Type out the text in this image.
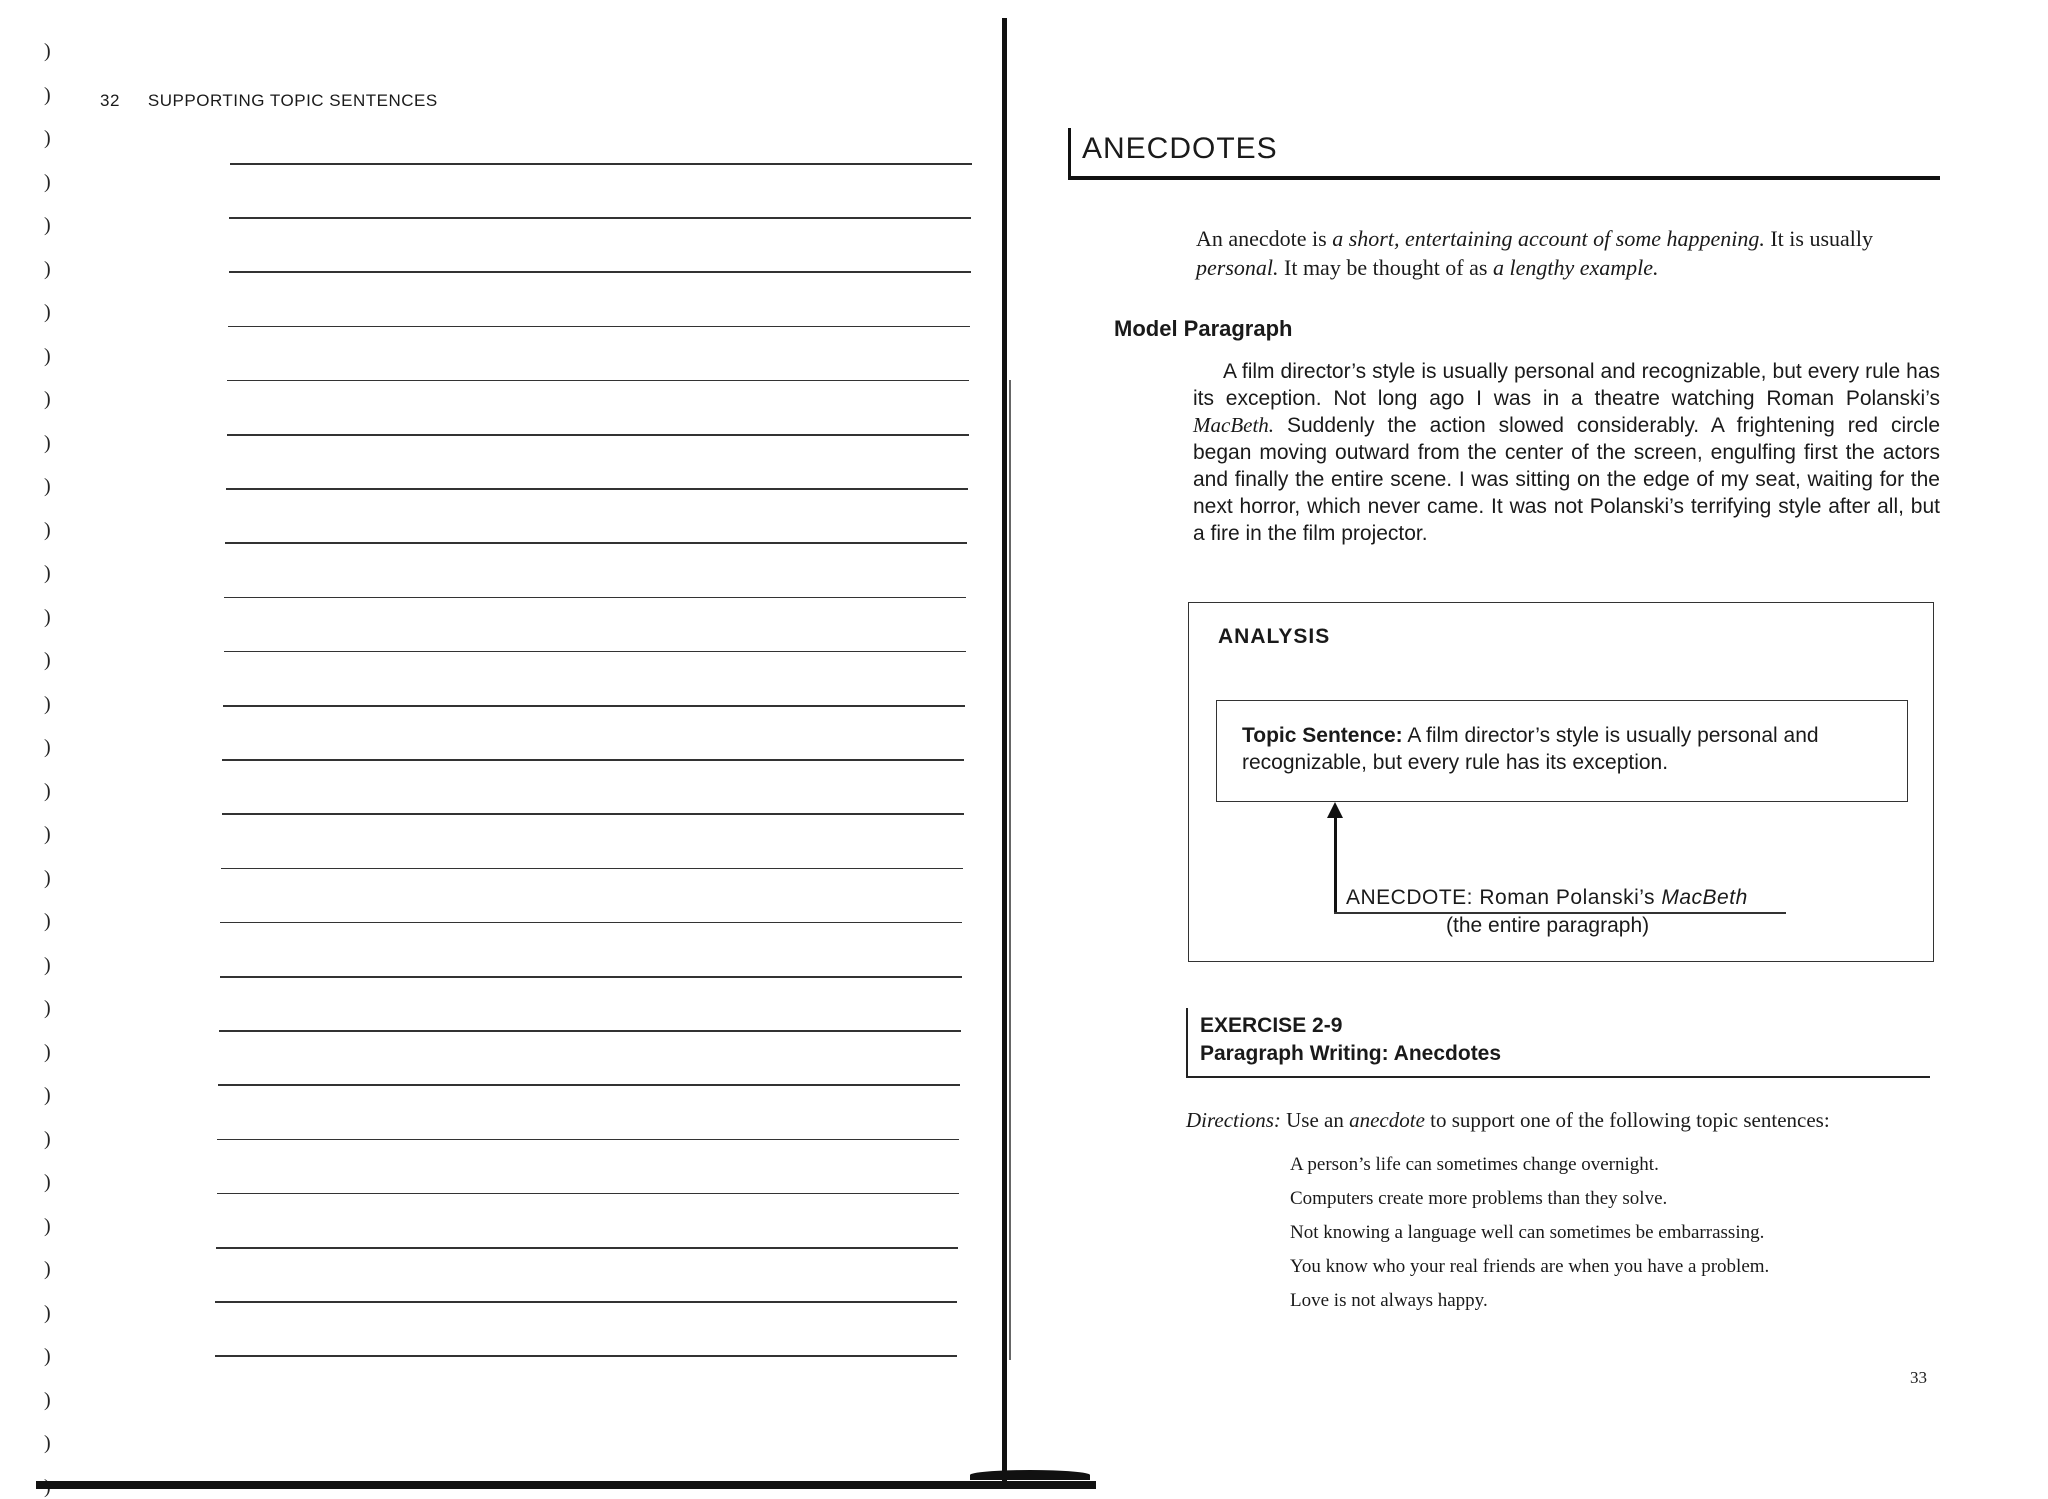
)
)
)
)
)
)
)
)
)
)
)
)
)
)
)
)
)
)
)
)
)
)
)
)
)
)
)
)
)
)
)
)
)
32 SUPPORTING TOPIC SENTENCES
ANECDOTES
An anecdote is a short, entertaining account of some happening. It is usually personal. It may be thought of as a lengthy example.
Model Paragraph
A film director’s style is usually personal and recognizable, but every rule has its exception. Not long ago I was in a theatre watching Roman Polanski’s MacBeth. Suddenly the action slowed considerably. A frightening red circle began moving outward from the center of the screen, engulfing first the actors and finally the entire scene. I was sitting on the edge of my seat, waiting for the next horror, which never came. It was not Polanski’s terrifying style after all, but a fire in the film projector.
ANALYSIS
Topic Sentence: A film director’s style is usually personal and recognizable, but every rule has its exception.
ANECDOTE: Roman Polanski’s MacBeth
(the entire paragraph)
EXERCISE 2-9
Paragraph Writing: Anecdotes
Directions: Use an anecdote to support one of the following topic sentences:
A person’s life can sometimes change overnight.
Computers create more problems than they solve.
Not knowing a language well can sometimes be embarrassing.
You know who your real friends are when you have a problem.
Love is not always happy.
33
